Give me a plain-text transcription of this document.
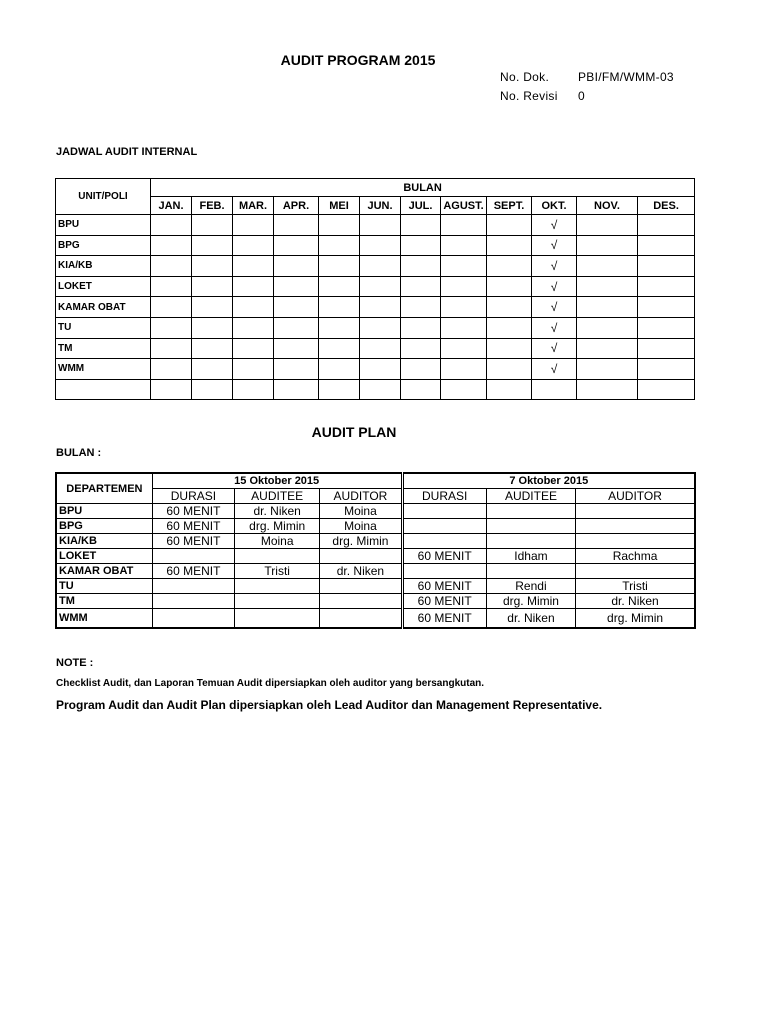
AUDIT PROGRAM 2015
No. Dok. PBI/FM/WMM-03
No. Revisi 0
JADWAL AUDIT INTERNAL
UNIT/POLI	BULAN											
	JAN.	FEB.	MAR.	APR.	MEI	JUN.	JUL.	AGUST.	SEPT.	OKT.	NOV.	DES.
BPU										√		
BPG										√		
KIA/KB										√		
LOKET										√		
KAMAR OBAT										√		
TU										√		
TM										√		
WMM										√		

AUDIT PLAN
BULAN :
DEPARTEMEN	15 Oktober 2015			7 Oktober 2015		
	DURASI	AUDITEE	AUDITOR	DURASI	AUDITEE	AUDITOR
BPU	60 MENIT	dr. Niken	Moina			
BPG	60 MENIT	drg. Mimin	Moina			
KIA/KB	60 MENIT	Moina	drg. Mimin			
LOKET				60 MENIT	Idham	Rachma
KAMAR OBAT	60 MENIT	Tristi	dr. Niken			
TU				60 MENIT	Rendi	Tristi
TM				60 MENIT	drg. Mimin	dr. Niken
WMM				60 MENIT	dr. Niken	drg. Mimin
NOTE :
Checklist Audit, dan Laporan Temuan Audit dipersiapkan oleh auditor yang bersangkutan.
Program Audit dan Audit Plan dipersiapkan oleh Lead Auditor dan Management Representative.
